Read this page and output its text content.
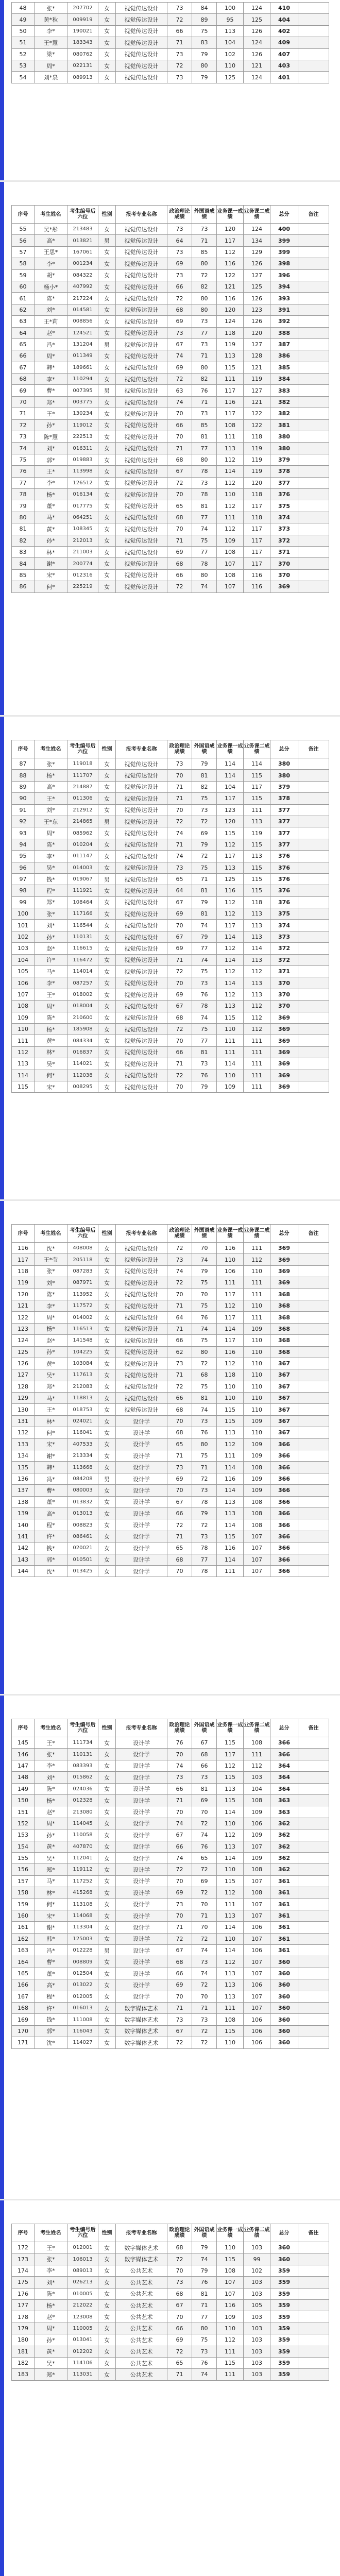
48	张*	207702	女	视觉传达设计	73	84	100	124	410	
49	黄*秋	009919	女	视觉传达设计	72	89	95	125	404	
50	李*	190021	女	视觉传达设计	66	75	113	126	402	
51	王*慧	183343	女	视觉传达设计	71	83	104	124	409	
52	梁*	080762	女	视觉传达设计	73	79	102	126	407	
53	周*	022131	女	视觉传达设计	72	80	110	121	403	
54	刘*泉	089913	女	视觉传达设计	73	79	125	124	401	
序号	考生姓名	考生编号后六位	性别	报考专业名称	政治理论成绩	外国语成绩	业务课一成绩	业务课二成绩	总分	备注
55	吴*彤	213483	女	视觉传达设计	73	73	120	124	400	
56	高*	013821	男	视觉传达设计	64	71	117	134	399	
57	王思*	167061	女	视觉传达设计	73	85	112	129	399	
58	李*	001234	女	视觉传达设计	69	80	116	126	398	
59	胡*	084322	女	视觉传达设计	73	72	122	127	396	
60	杨小*	407992	女	视觉传达设计	66	82	121	125	394	
61	陈*	217224	女	视觉传达设计	72	80	116	126	393	
62	刘*	014581	女	视觉传达设计	68	80	120	123	391	
63	王*莉	008856	女	视觉传达设计	69	73	124	126	392	
64	赵*	124521	女	视觉传达设计	73	77	118	120	388	
65	冯*	131204	男	视觉传达设计	67	73	119	127	387	
66	周*	011349	女	视觉传达设计	74	71	113	128	386	
67	韩*	189661	女	视觉传达设计	69	80	115	121	385	
68	李*	110294	女	视觉传达设计	72	82	111	119	384	
69	曹*	007395	男	视觉传达设计	63	76	117	127	383	
70	郑*	003775	女	视觉传达设计	74	71	116	121	382	
71	王*	130234	女	视觉传达设计	70	73	117	122	382	
72	孙*	119012	女	视觉传达设计	66	85	108	122	381	
73	陈*慧	222513	女	视觉传达设计	70	81	111	118	380	
74	刘*	016311	女	视觉传达设计	71	77	113	119	380	
75	郭*	019883	女	视觉传达设计	68	80	112	119	379	
76	王*	113998	女	视觉传达设计	67	78	114	119	378	
77	李*	126512	女	视觉传达设计	72	73	112	120	377	
78	杨*	016134	女	视觉传达设计	70	78	110	118	376	
79	董*	017775	女	视觉传达设计	65	81	112	117	375	
80	马*	064251	女	视觉传达设计	68	77	111	118	374	
81	黄*	108345	女	视觉传达设计	70	74	112	117	373	
82	孙*	212013	女	视觉传达设计	71	75	109	117	372	
83	林*	211003	女	视觉传达设计	69	77	108	117	371	
84	谢*	200774	女	视觉传达设计	68	78	107	117	370	
85	宋*	012316	女	视觉传达设计	66	80	108	116	370	
86	何*	225219	女	视觉传达设计	72	74	107	116	369	
序号	考生姓名	考生编号后六位	性别	报考专业名称	政治理论成绩	外国语成绩	业务课一成绩	业务课二成绩	总分	备注
87	张*	119018	女	视觉传达设计	73	79	114	114	380	
88	杨*	111707	女	视觉传达设计	70	81	114	115	380	
89	高*	214887	女	视觉传达设计	71	82	104	117	379	
90	王*	011306	女	视觉传达设计	71	75	117	115	378	
91	刘*	212912	女	视觉传达设计	70	73	123	111	377	
92	王*东	214865	男	视觉传达设计	72	72	120	113	377	
93	周*	085962	女	视觉传达设计	74	69	115	119	377	
94	陈*	010204	女	视觉传达设计	71	79	112	115	377	
95	李*	011147	女	视觉传达设计	74	72	117	113	376	
96	吴*	014003	女	视觉传达设计	73	75	113	115	376	
97	钱*	019067	男	视觉传达设计	65	71	125	115	376	
98	程*	111921	女	视觉传达设计	64	81	116	115	376	
99	郑*	108464	女	视觉传达设计	67	79	112	118	376	
100	张*	117166	女	视觉传达设计	69	81	112	113	375	
101	刘*	116544	女	视觉传达设计	70	74	117	113	374	
102	孙*	110131	女	视觉传达设计	67	79	114	113	373	
103	赵*	116615	女	视觉传达设计	69	77	112	114	372	
104	许*	116472	女	视觉传达设计	71	74	114	113	372	
105	马*	114014	女	视觉传达设计	72	75	112	112	371	
106	李*	087257	女	视觉传达设计	70	73	114	113	370	
107	王*	018002	女	视觉传达设计	69	76	112	113	370	
108	周*	018004	女	视觉传达设计	67	78	113	112	370	
109	陈*	210600	女	视觉传达设计	68	74	115	112	369	
110	杨*	185908	女	视觉传达设计	72	75	110	112	369	
111	黄*	084334	女	视觉传达设计	70	77	111	111	369	
112	林*	016837	女	视觉传达设计	66	81	111	111	369	
113	吴*	114021	女	视觉传达设计	71	73	114	111	369	
114	何*	112038	女	视觉传达设计	72	76	110	111	369	
115	宋*	008295	女	视觉传达设计	70	79	109	111	369	
序号	考生姓名	考生编号后六位	性别	报考专业名称	政治理论成绩	外国语成绩	业务课一成绩	业务课二成绩	总分	备注
116	沈*	408008	女	视觉传达设计	72	70	116	111	369	
117	王*莹	205118	女	视觉传达设计	73	74	110	112	369	
118	张*	087283	女	视觉传达设计	74	79	106	110	369	
119	刘*	087971	女	视觉传达设计	72	75	111	111	369	
120	陈*	113952	女	视觉传达设计	70	70	117	111	368	
121	李*	117572	女	视觉传达设计	71	75	112	110	368	
122	周*	014002	女	视觉传达设计	64	76	117	111	368	
123	杨*	116513	女	视觉传达设计	71	74	114	109	368	
124	赵*	141548	女	视觉传达设计	66	75	117	110	368	
125	孙*	104225	女	视觉传达设计	62	80	116	110	368	
126	黄*	103084	女	视觉传达设计	73	72	112	110	367	
127	吴*	117613	女	视觉传达设计	71	68	118	110	367	
128	郑*	212083	女	视觉传达设计	72	75	110	110	367	
129	马*	118813	女	视觉传达设计	66	81	110	110	367	
130	王*	018753	女	视觉传达设计	68	74	115	110	367	
131	林*	024021	女	设计学	70	73	115	109	367	
132	何*	116041	女	设计学	68	76	113	110	367	
133	宋*	407533	女	设计学	65	80	112	109	366	
134	谢*	213334	女	设计学	71	75	111	109	366	
135	韩*	113668	女	设计学	73	71	114	108	366	
136	冯*	084208	男	设计学	69	72	116	109	366	
137	曹*	080003	女	设计学	70	73	114	109	366	
138	董*	013832	女	设计学	67	78	113	108	366	
139	高*	013013	女	设计学	66	79	113	108	366	
140	程*	008823	女	设计学	72	72	114	108	366	
141	许*	086461	女	设计学	71	73	115	107	366	
142	钱*	020021	女	设计学	65	78	116	107	366	
143	郭*	010501	女	设计学	68	77	114	107	366	
144	沈*	013425	女	设计学	70	78	111	107	366	
序号	考生姓名	考生编号后六位	性别	报考专业名称	政治理论成绩	外国语成绩	业务课一成绩	业务课二成绩	总分	备注
145	王*	111734	女	设计学	76	67	115	108	366	
146	张*	110131	女	设计学	70	68	117	111	366	
147	李*	083393	女	设计学	74	66	112	112	364	
148	刘*	015862	女	设计学	73	73	115	103	364	
149	陈*	024036	女	设计学	66	81	113	104	364	
150	杨*	012328	女	设计学	71	69	115	108	363	
151	赵*	213080	女	设计学	70	70	114	109	363	
152	周*	114045	女	设计学	74	72	110	106	362	
153	孙*	110058	女	设计学	67	74	112	109	362	
154	黄*	407870	女	设计学	66	76	113	107	362	
155	吴*	112041	女	设计学	74	65	114	109	362	
156	郑*	119112	女	设计学	72	72	110	108	362	
157	马*	117252	女	设计学	70	69	115	107	361	
158	林*	415268	女	设计学	69	72	112	108	361	
159	何*	113108	女	设计学	73	70	111	107	361	
160	宋*	114068	女	设计学	70	71	113	107	361	
161	谢*	113304	女	设计学	71	70	114	106	361	
162	韩*	125003	女	设计学	72	72	110	107	361	
163	冯*	012228	男	设计学	67	74	114	106	361	
164	曹*	008809	女	设计学	68	73	112	107	360	
165	董*	012504	女	设计学	66	74	113	107	360	
166	高*	013022	女	设计学	69	72	113	106	360	
167	程*	012005	女	设计学	70	70	113	107	360	
168	许*	016013	女	数字媒体艺术	71	71	111	107	360	
169	钱*	111008	女	数字媒体艺术	73	73	108	106	360	
170	郭*	116043	女	数字媒体艺术	67	72	115	106	360	
171	沈*	114027	女	数字媒体艺术	72	72	110	106	360	
序号	考生姓名	考生编号后六位	性别	报考专业名称	政治理论成绩	外国语成绩	业务课一成绩	业务课二成绩	总分	备注
172	王*	012001	女	数字媒体艺术	68	79	110	103	360	
173	张*	106013	女	数字媒体艺术	72	74	115	99	360	
174	李*	089013	女	公共艺术	70	79	108	102	359	
175	刘*	026213	女	公共艺术	73	76	107	103	359	
176	陈*	010005	女	公共艺术	68	81	107	103	359	
177	杨*	212022	女	公共艺术	67	71	116	105	359	
178	赵*	123008	女	公共艺术	70	77	109	103	359	
179	周*	110005	女	公共艺术	66	80	110	103	359	
180	孙*	013041	女	公共艺术	69	75	112	103	359	
181	黄*	012202	女	公共艺术	72	73	111	103	359	
182	吴*	114106	女	公共艺术	65	76	115	103	359	
183	郑*	113031	女	公共艺术	71	74	111	103	359	
